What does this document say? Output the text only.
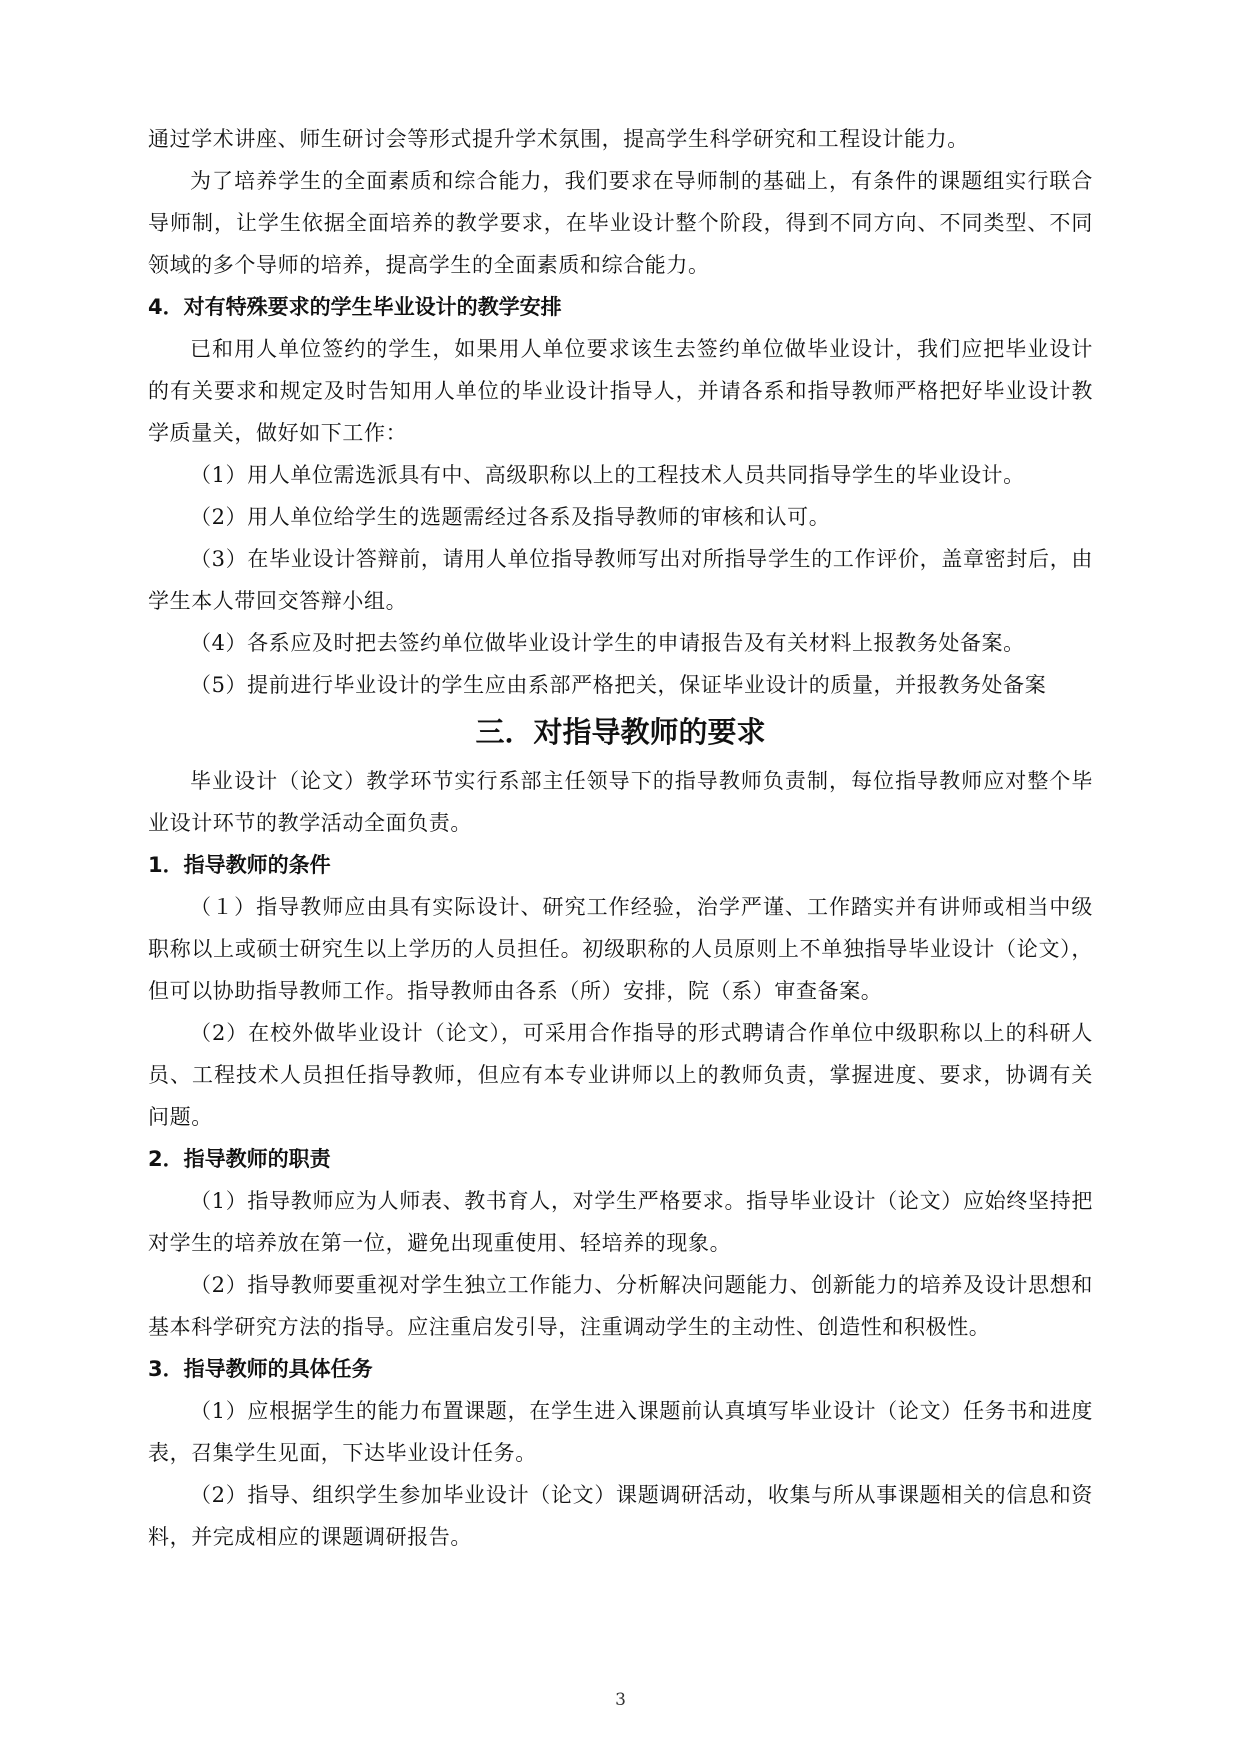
通过学术讲座、师生研讨会等形式提升学术氛围，提高学生科学研究和工程设计能力。

为了培养学生的全面素质和综合能力，我们要求在导师制的基础上，有条件的课题组实行联合导师制，让学生依据全面培养的教学要求，在毕业设计整个阶段，得到不同方向、不同类型、不同领域的多个导师的培养，提高学生的全面素质和综合能力。

4．对有特殊要求的学生毕业设计的教学安排

已和用人单位签约的学生，如果用人单位要求该生去签约单位做毕业设计，我们应把毕业设计的有关要求和规定及时告知用人单位的毕业设计指导人，并请各系和指导教师严格把好毕业设计教学质量关，做好如下工作：

（1）用人单位需选派具有中、高级职称以上的工程技术人员共同指导学生的毕业设计。

（2）用人单位给学生的选题需经过各系及指导教师的审核和认可。

（3）在毕业设计答辩前，请用人单位指导教师写出对所指导学生的工作评价，盖章密封后，由学生本人带回交答辩小组。

（4）各系应及时把去签约单位做毕业设计学生的申请报告及有关材料上报教务处备案。

（5）提前进行毕业设计的学生应由系部严格把关，保证毕业设计的质量，并报教务处备案

三．对指导教师的要求

毕业设计（论文）教学环节实行系部主任领导下的指导教师负责制，每位指导教师应对整个毕业设计环节的教学活动全面负责。

1．指导教师的条件

（１）指导教师应由具有实际设计、研究工作经验，治学严谨、工作踏实并有讲师或相当中级职称以上或硕士研究生以上学历的人员担任。初级职称的人员原则上不单独指导毕业设计（论文），但可以协助指导教师工作。指导教师由各系（所）安排，院（系）审查备案。

（2）在校外做毕业设计（论文），可采用合作指导的形式聘请合作单位中级职称以上的科研人员、工程技术人员担任指导教师，但应有本专业讲师以上的教师负责，掌握进度、要求，协调有关问题。

2．指导教师的职责

（1）指导教师应为人师表、教书育人，对学生严格要求。指导毕业设计（论文）应始终坚持把对学生的培养放在第一位，避免出现重使用、轻培养的现象。

（2）指导教师要重视对学生独立工作能力、分析解决问题能力、创新能力的培养及设计思想和基本科学研究方法的指导。应注重启发引导，注重调动学生的主动性、创造性和积极性。

3．指导教师的具体任务

（1）应根据学生的能力布置课题，在学生进入课题前认真填写毕业设计（论文）任务书和进度表，召集学生见面，下达毕业设计任务。

（2）指导、组织学生参加毕业设计（论文）课题调研活动，收集与所从事课题相关的信息和资料，并完成相应的课题调研报告。

3
